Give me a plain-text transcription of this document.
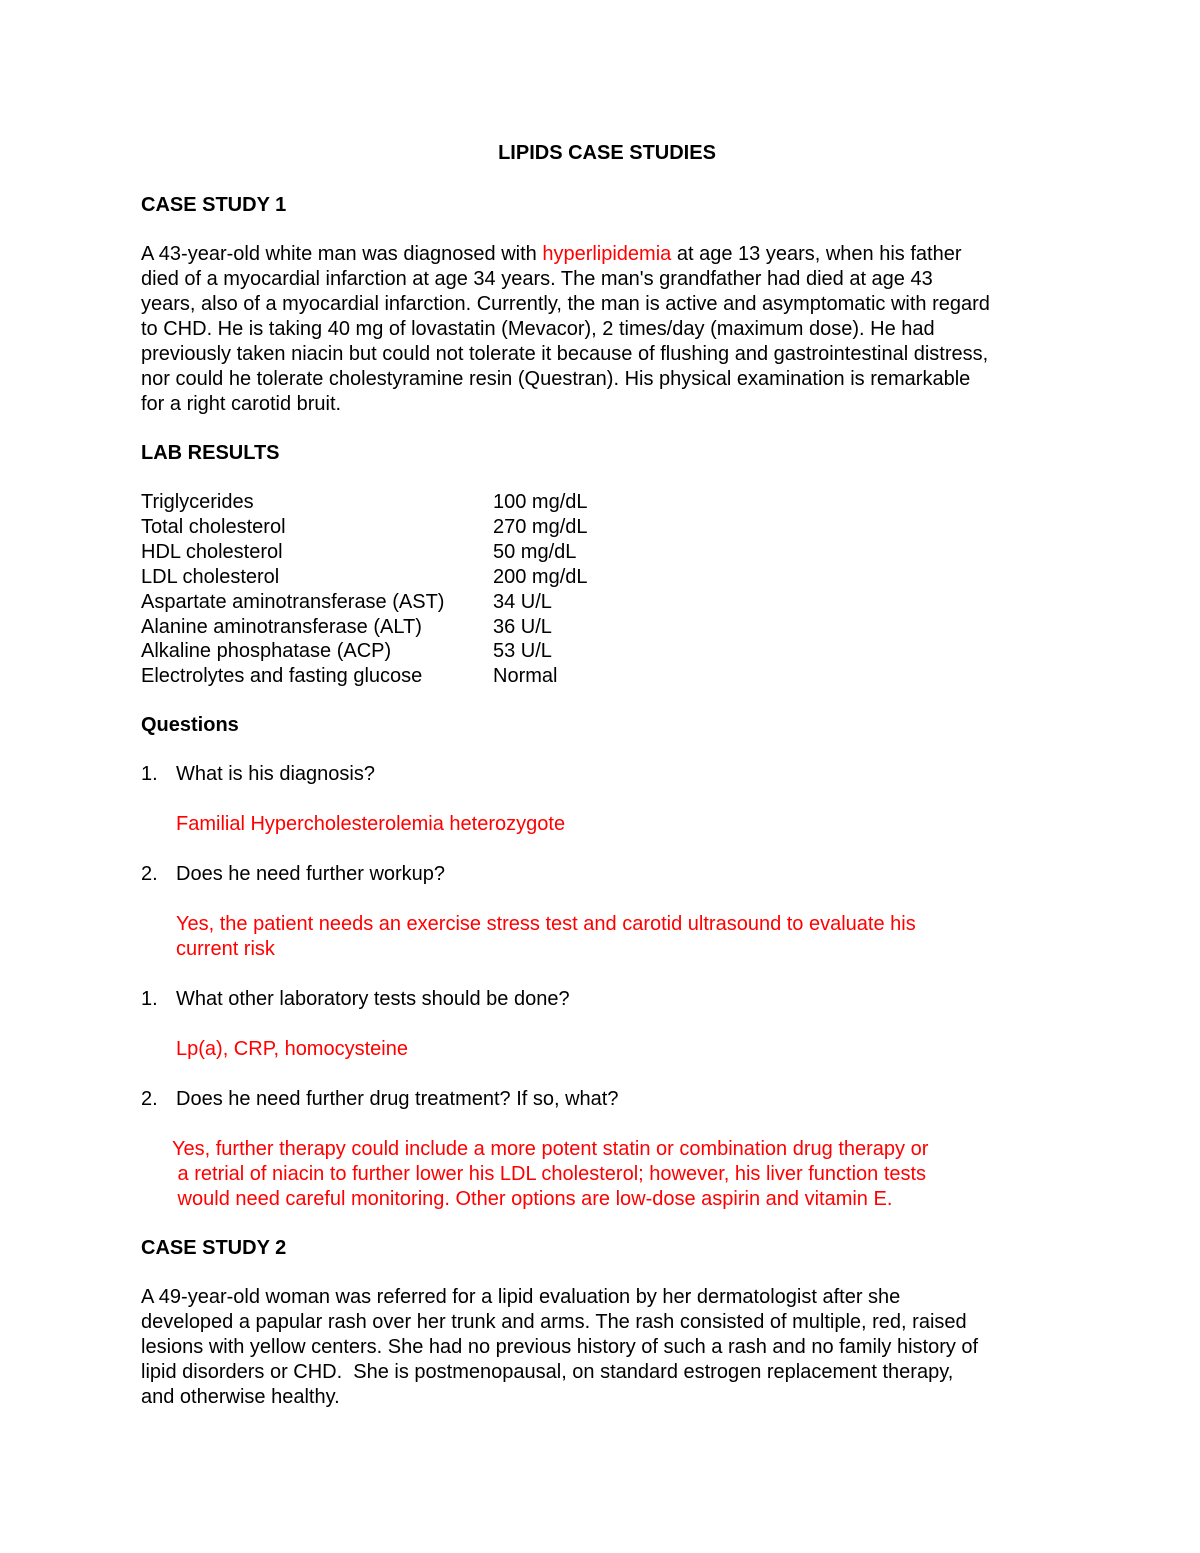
LIPIDS CASE STUDIES

CASE STUDY 1

A 43-year-old white man was diagnosed with hyperlipidemia at age 13 years, when his father

died of a myocardial infarction at age 34 years. The man's grandfather had died at age 43

years, also of a myocardial infarction. Currently, the man is active and asymptomatic with regard

to CHD. He is taking 40 mg of lovastatin (Mevacor), 2 times/day (maximum dose). He had

previously taken niacin but could not tolerate it because of flushing and gastrointestinal distress,

nor could he tolerate cholestyramine resin (Questran). His physical examination is remarkable

for a right carotid bruit.

LAB RESULTS

Triglycerides	100 mg/dL
Total cholesterol	270 mg/dL
HDL cholesterol	50 mg/dL
LDL cholesterol	200 mg/dL
Aspartate aminotransferase (AST)	34 U/L
Alanine aminotransferase (ALT)	36 U/L
Alkaline phosphatase (ACP)	53 U/L
Electrolytes and fasting glucose	Normal

Questions

1. What is his diagnosis?

Familial Hypercholesterolemia heterozygote

2. Does he need further workup?

Yes, the patient needs an exercise stress test and carotid ultrasound to evaluate his

current risk

1. What other laboratory tests should be done?

Lp(a), CRP, homocysteine

2. Does he need further drug treatment? If so, what?

Yes, further therapy could include a more potent statin or combination drug therapy or

a retrial of niacin to further lower his LDL cholesterol; however, his liver function tests

would need careful monitoring. Other options are low-dose aspirin and vitamin E.

CASE STUDY 2

A 49-year-old woman was referred for a lipid evaluation by her dermatologist after she

developed a papular rash over her trunk and arms. The rash consisted of multiple, red, raised

lesions with yellow centers. She had no previous history of such a rash and no family history of

lipid disorders or CHD.  She is postmenopausal, on standard estrogen replacement therapy,

and otherwise healthy.
